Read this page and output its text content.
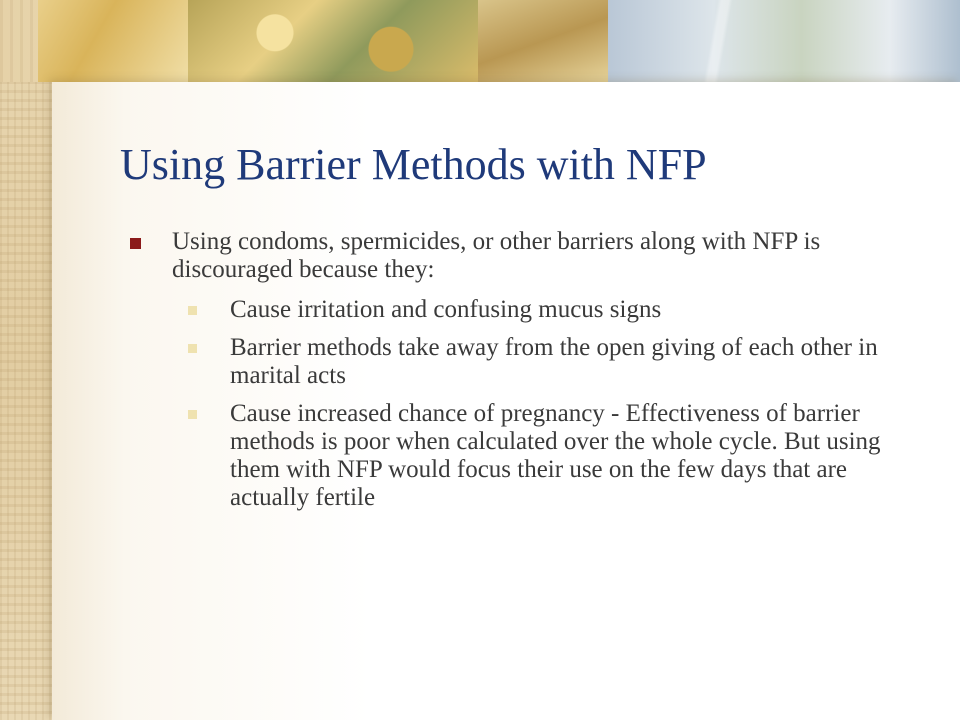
Using Barrier Methods with NFP
Using condoms, spermicides, or other barriers along with NFP is discouraged because they:
Cause irritation and confusing mucus signs
Barrier methods take away from the open giving of each other in marital acts
Cause increased chance of pregnancy - Effectiveness of barrier methods is poor when calculated over the whole cycle. But using them with NFP would focus their use on the few days that are actually fertile
